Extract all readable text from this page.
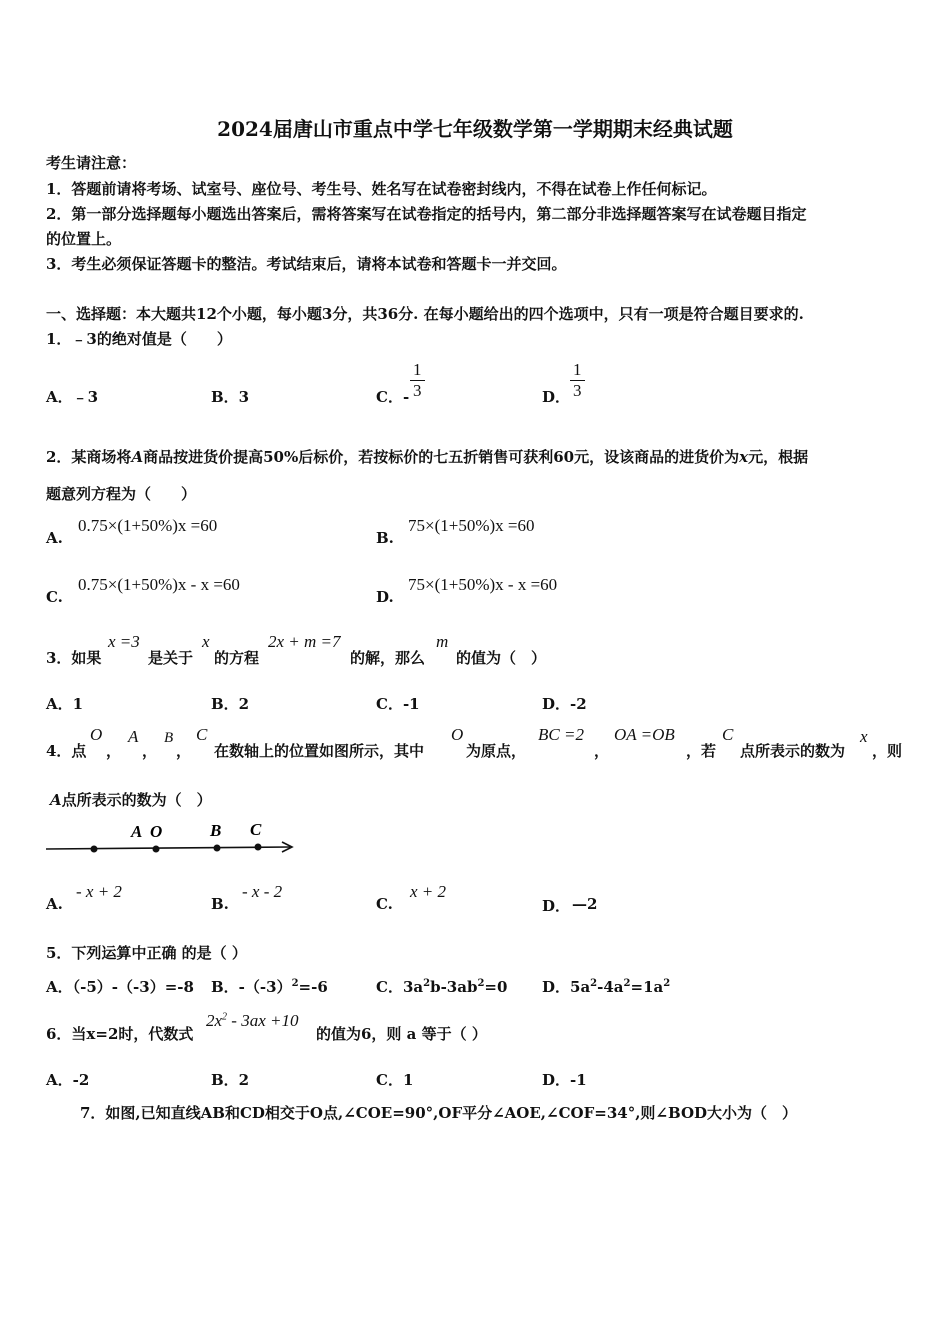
2024届唐山市重点中学七年级数学第一学期期末经典试题
考生请注意：
1．答题前请将考场、试室号、座位号、考生号、姓名写在试卷密封线内，不得在试卷上作任何标记。
2．第一部分选择题每小题选出答案后，需将答案写在试卷指定的括号内，第二部分非选择题答案写在试卷题目指定
的位置上。
3．考生必须保证答题卡的整洁。考试结束后，请将本试卷和答题卡一并交回。
一、选择题：本大题共12个小题，每小题3分，共36分. 在每小题给出的四个选项中，只有一项是符合题目要求的.
1．﹣3的绝对值是（　　）
A．﹣3	B．3	C．- $\frac{1}{3}$	D． $\frac{1}{3}$
2．某商场将A商品按进货价提高50%后标价，若按标价的七五折销售可获利60元，设该商品的进货价为x元，根据
题意列方程为（　　）
A.
0.75×(1+50%)x =60
B.
75×(1+50%)x =60
C.
0.75×(1+50%)x - x =60
D.
75×(1+50%)x - x =60
3．如果
x =3
是关于
x
的方程
2x + m =7
的解，那么
m
的值为（　）
A．1	B．2	C．-1	D．-2
4．点
O
，
A
，
B
，
C
在数轴上的位置如图所示，其中
O
为原点，
BC =2
，
OA =OB
，若
C
点所表示的数为
x
，则
A点所表示的数为（　）
A O	B C
A.
- x + 2
B.
- x - 2
C.
x + 2
D． —2
5．下列运算中正确 的是（ ）
A．（-5）-（-3）=-8 B．$-(-3)^2=-6$	C．$3a^2b-3ab^2=0$ D．$5a^2-4a^2=1a^2$
6．当x=2时，代数式
$2x^2 - 3ax +10$
的值为6，则 a 等于（ ）
A．-2	B．2	C．1	D．-1
7．如图,已知直线AB和CD相交于O点,∠COE=90°,OF平分∠AOE,∠COF=34°,则∠BOD大小为（　）
